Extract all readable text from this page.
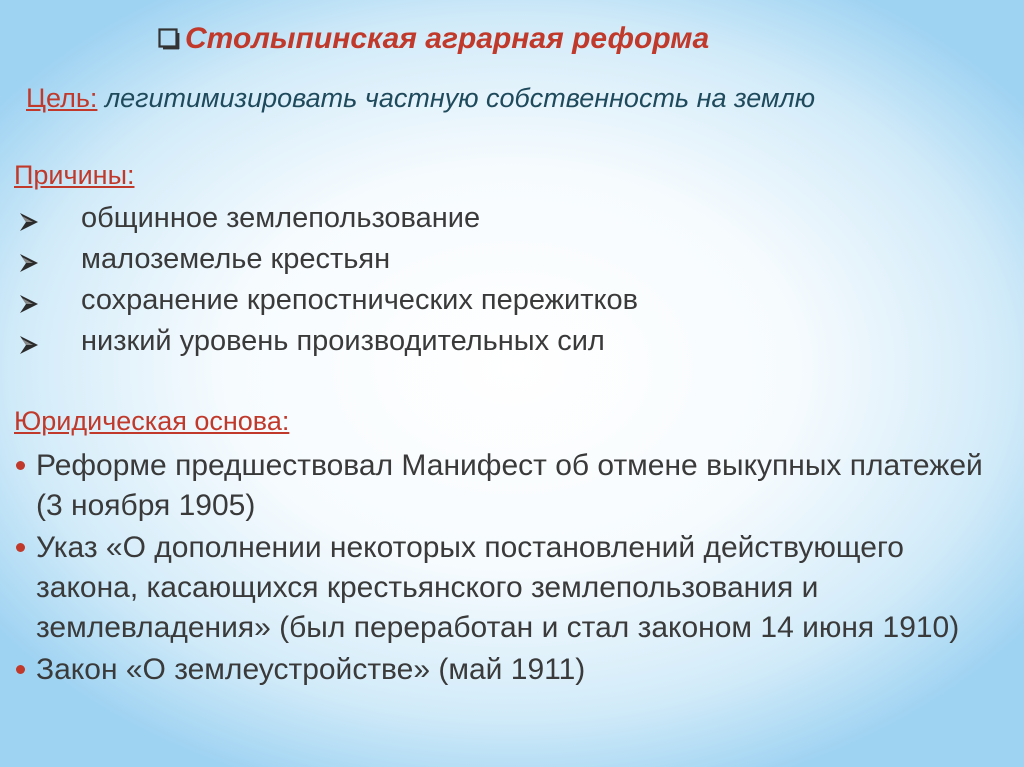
Столыпинская аграрная реформа
Цель: легитимизировать частную собственность на землю
Причины:
общинное землепользование
малоземелье крестьян
сохранение крепостнических пережитков
низкий уровень производительных сил
Юридическая основа:
Реформе предшествовал Манифест об отмене выкупных платежей (3 ноября 1905)
Указ «О дополнении некоторых постановлений действующего закона, касающихся крестьянского землепользования и землевладения» (был переработан и стал законом 14 июня 1910)
Закон «О землеустройстве» (май 1911)
